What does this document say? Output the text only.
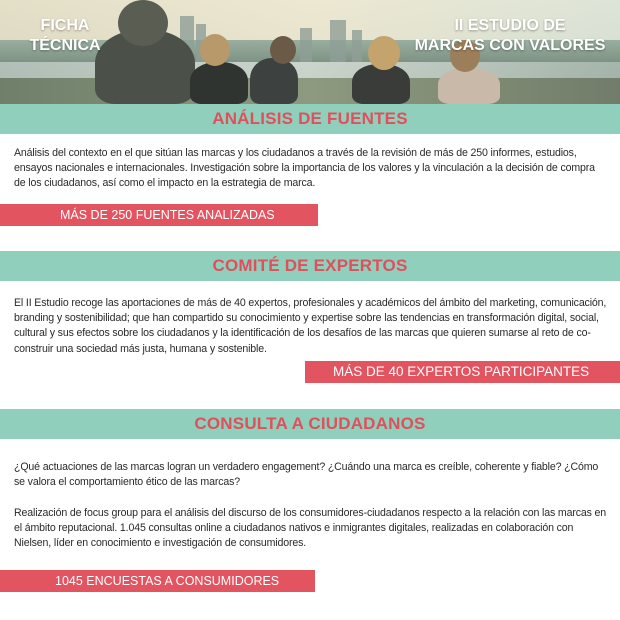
FICHA
TÉCNICA
II ESTUDIO DE
MARCAS CON VALORES
ANÁLISIS DE FUENTES

Análisis del contexto en el que sitúan las marcas y los ciudadanos a través de la revisión de más de 250 informes, estudios, ensayos nacionales e internacionales. Investigación sobre la importancia de los valores y la vinculación a la decisión de compra de los ciudadanos, así como el impacto en la estrategia de marca.

MÁS DE 250 FUENTES ANALIZADAS
COMITÉ DE EXPERTOS

El II Estudio recoge las aportaciones de más de 40 expertos, profesionales y académicos del ámbito del marketing, comunicación, branding y sostenibilidad; que han compartido su conocimiento y expertise sobre las tendencias en transformación digital, social, cultural y sus efectos sobre los ciudadanos y la identificación de los desafíos de las marcas que quieren sumarse al reto de co-construir una sociedad más justa, humana y sostenible.

MÁS DE 40 EXPERTOS PARTICIPANTES
CONSULTA A CIUDADANOS

¿Qué actuaciones de las marcas logran un verdadero engagement? ¿Cuándo una marca es creíble, coherente y fiable? ¿Cómo se valora el comportamiento ético de las marcas?

Realización de focus group para el análisis del discurso de los consumidores-ciudadanos respecto a la relación con las marcas en el ámbito reputacional. 1.045 consultas online a ciudadanos nativos e inmigrantes digitales, realizadas en colaboración con Nielsen, líder en conocimiento e investigación de consumidores.

1045 ENCUESTAS A CONSUMIDORES
